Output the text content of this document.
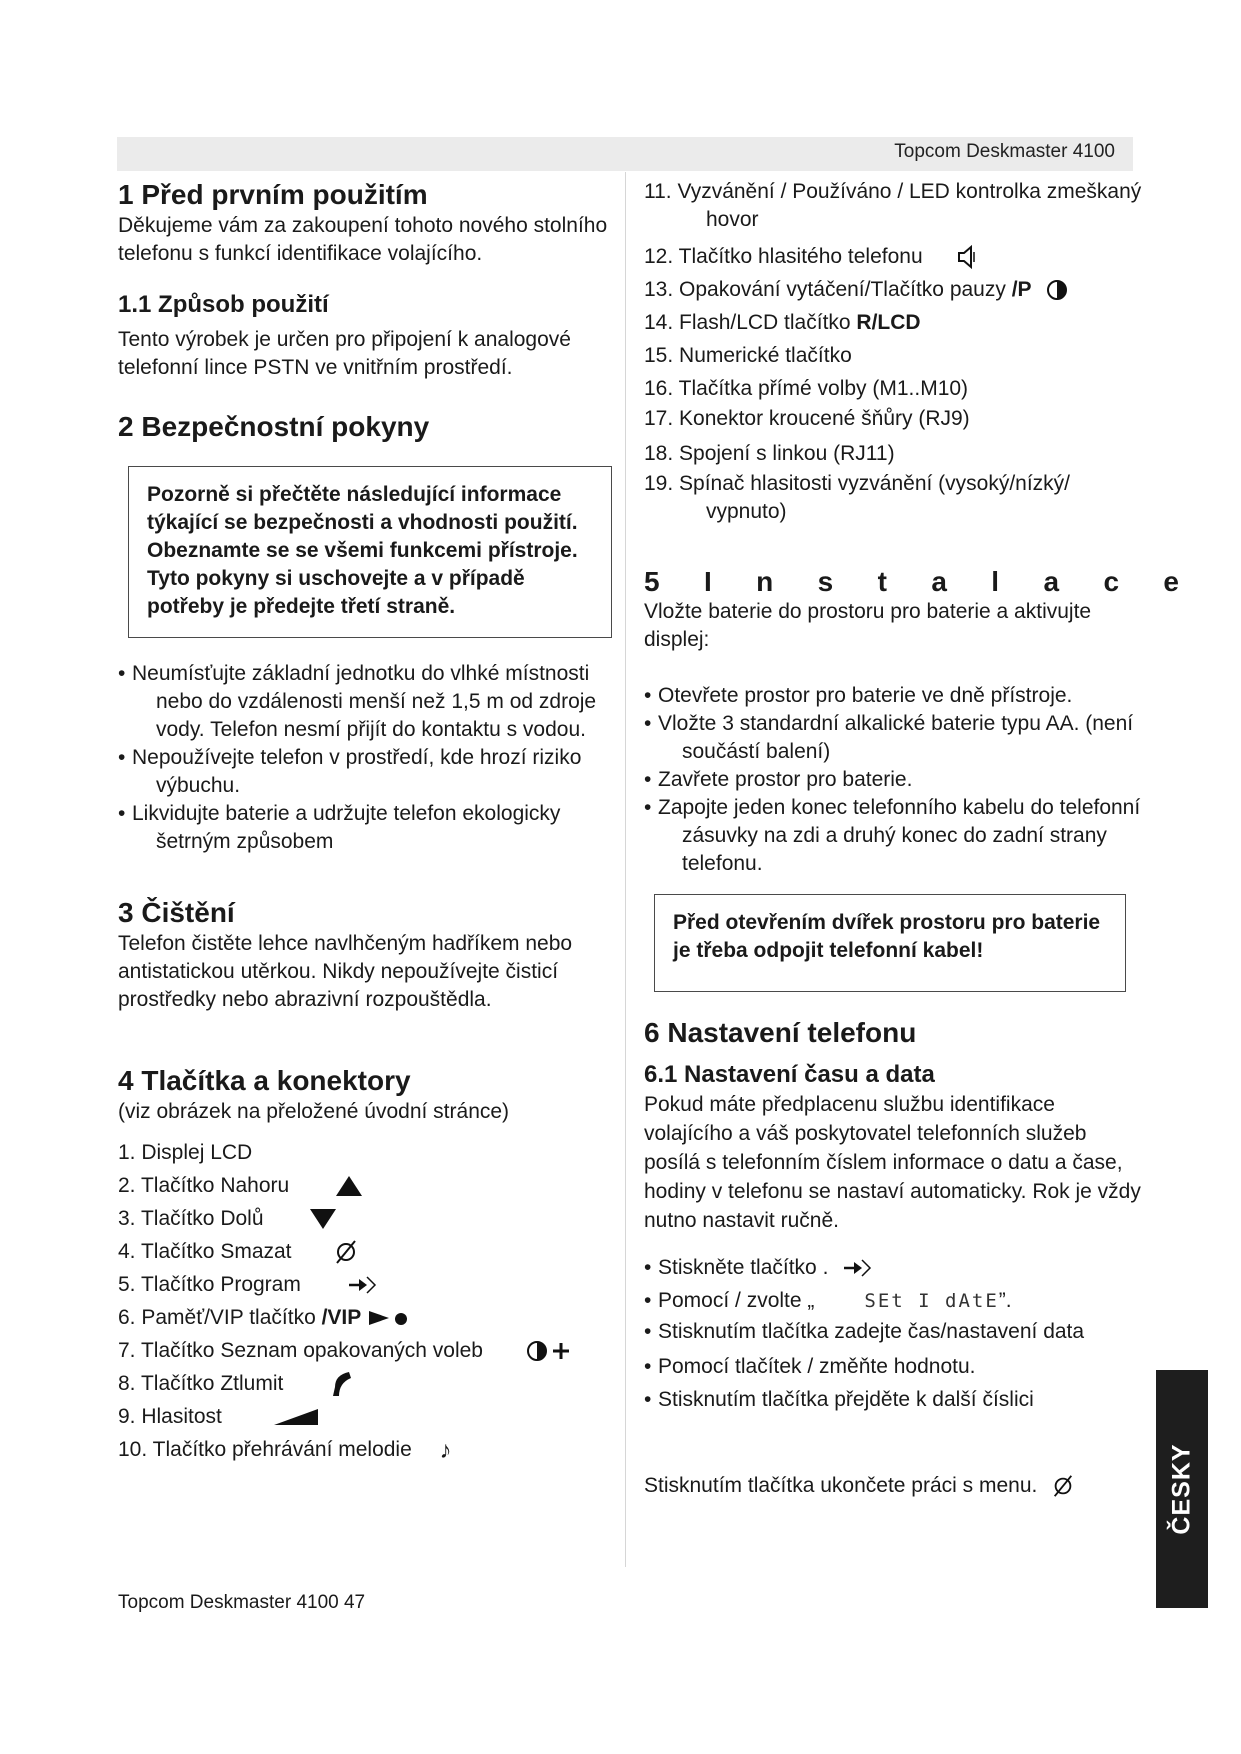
Topcom Deskmaster 4100
1 Před prvním použitím

Děkujeme vám za zakoupení tohoto nového stolního telefonu s funkcí identifikace volajícího.

1.1 Způsob použití

Tento výrobek je určen pro připojení k analogové telefonní lince PSTN ve vnitřním prostředí.

2 Bezpečnostní pokyny
Pozorně si přečtěte následující informace týkající se bezpečnosti a vhodnosti použití. Obeznamte se se všemi funkcemi přístroje. Tyto pokyny si uschovejte a v případě potřeby je předejte třetí straně.
• Neumísťujte základní jednotku do vlhké místnosti nebo do vzdálenosti menší než 1,5 m od zdroje vody. Telefon nesmí přijít do kontaktu s vodou.
• Nepoužívejte telefon v prostředí, kde hrozí riziko výbuchu.
• Likvidujte baterie a udržujte telefon ekologicky šetrným způsobem
3 Čištění

Telefon čistěte lehce navlhčeným hadříkem nebo antistatickou utěrkou. Nikdy nepoužívejte čisticí prostředky nebo abrazivní rozpouštědla.

4 Tlačítka a konektory

(viz obrázek na přeložené úvodní stránce)

1. Displej LCD
2. Tlačítko Nahoru
3. Tlačítko Dolů
4. Tlačítko Smazat
5. Tlačítko Program
6. Paměť/VIP tlačítko /VIP
7. Tlačítko Seznam opakovaných voleb
8. Tlačítko Ztlumit
9. Hlasitost
10. Tlačítko přehrávání melodie ♪
11. Vyzvánění / Používáno / LED kontrolka zmeškaný hovor
12. Tlačítko hlasitého telefonu
13. Opakování vytáčení/Tlačítko pauzy /P
14. Flash/LCD tlačítko R/LCD
15. Numerické tlačítko
16. Tlačítka přímé volby (M1..M10)
17. Konektor kroucené šňůry (RJ9)
18. Spojení s linkou (RJ11)
19. Spínač hlasitosti vyzvánění (vysoký/nízký/ vypnuto)
5 I n s t a l a c e

Vložte baterie do prostoru pro baterie a aktivujte displej:

• Otevřete prostor pro baterie ve dně přístroje.
• Vložte 3 standardní alkalické baterie typu AA. (není součástí balení)
• Zavřete prostor pro baterie.
• Zapojte jeden konec telefonního kabelu do telefonní zásuvky na zdi a druhý konec do zadní strany telefonu.
Před otevřením dvířek prostoru pro baterie je třeba odpojit telefonní kabel!
6 Nastavení telefonu
6.1 Nastavení času a data

Pokud máte předplacenu službu identifikace volajícího a váš poskytovatel telefonních služeb posílá s telefonním číslem informace o datu a čase, hodiny v telefonu se nastaví automaticky. Rok je vždy nutno nastavit ručně.

• Stiskněte tlačítko .
• Pomocí / zvolte „	SEt I dAtE”.
• Stisknutím tlačítka zadejte čas/nastavení data
• Pomocí tlačítek / změňte hodnotu.
• Stisknutím tlačítka přejděte k další číslici

Stisknutím tlačítka ukončete práci s menu.

Topcom Deskmaster 4100 47
ČESKY
